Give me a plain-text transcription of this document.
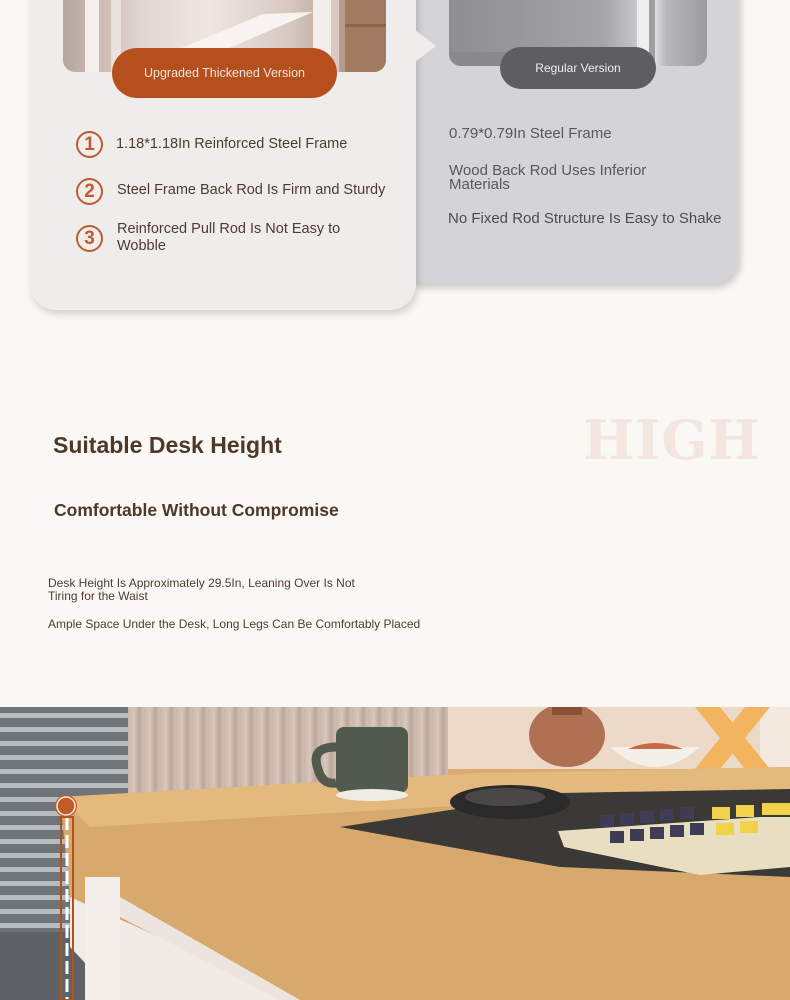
Upgraded Thickened Version	Regular Version
1	1.18*1.18In Reinforced Steel Frame
2	Steel Frame Back Rod Is Firm and Sturdy
3	Reinforced Pull Rod Is Not Easy to Wobble
0.79*0.79In Steel Frame
Wood Back Rod Uses Inferior Materials
No Fixed Rod Structure Is Easy to Shake
HIGH
Suitable Desk Height
Comfortable Without Compromise
Desk Height Is Approximately 29.5In, Leaning Over Is Not Tiring for the Waist
Ample Space Under the Desk, Long Legs Can Be Comfortably Placed
